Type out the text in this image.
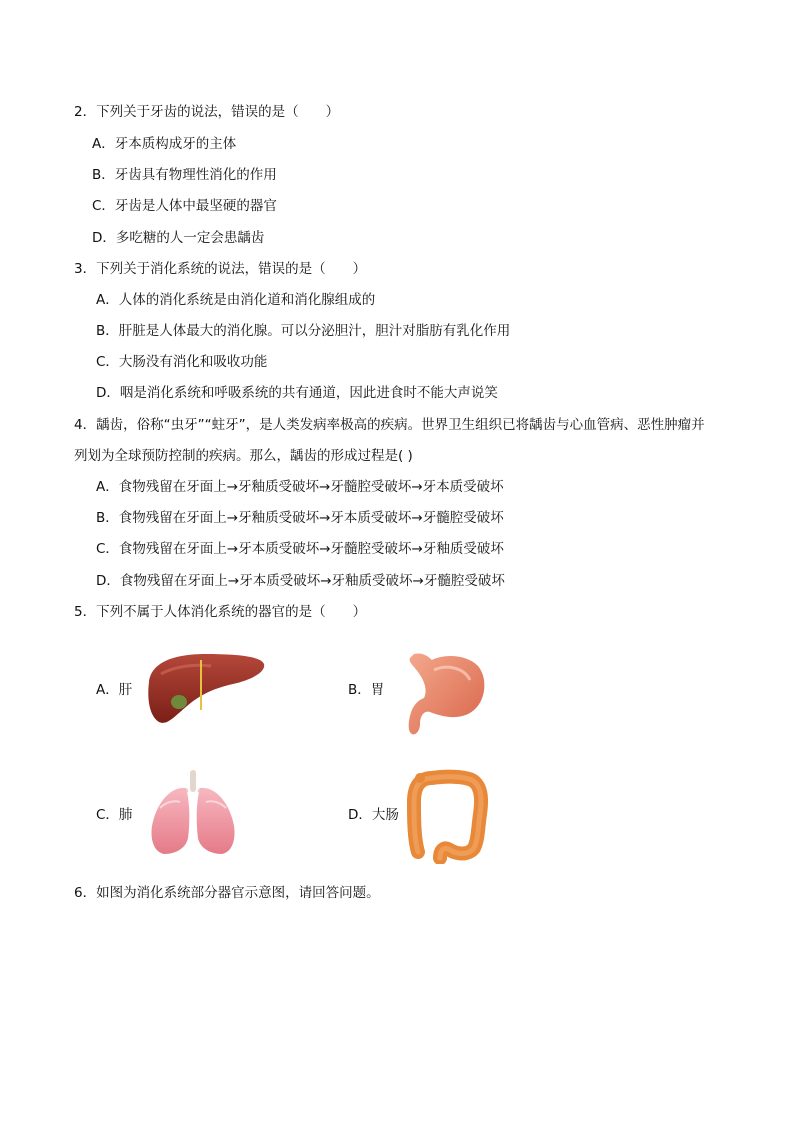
2．下列关于牙齿的说法，错误的是（　　）
A．牙本质构成牙的主体
B．牙齿具有物理性消化的作用
C．牙齿是人体中最坚硬的器官
D．多吃糖的人一定会患龋齿
3．下列关于消化系统的说法，错误的是（　　）
A．人体的消化系统是由消化道和消化腺组成的
B．肝脏是人体最大的消化腺。可以分泌胆汁，胆汁对脂肪有乳化作用
C．大肠没有消化和吸收功能
D．咽是消化系统和呼吸系统的共有通道，因此进食时不能大声说笑
4．龋齿，俗称“虫牙”“蛀牙”，是人类发病率极高的疾病。世界卫生组织已将龋齿与心血管病、恶性肿瘤并
列划为全球预防控制的疾病。那么，龋齿的形成过程是( )
A．食物残留在牙面上→牙釉质受破坏→牙髓腔受破坏→牙本质受破坏
B．食物残留在牙面上→牙釉质受破坏→牙本质受破坏→牙髓腔受破坏
C．食物残留在牙面上→牙本质受破坏→牙髓腔受破坏→牙釉质受破坏
D．食物残留在牙面上→牙本质受破坏→牙釉质受破坏→牙髓腔受破坏
5．下列不属于人体消化系统的器官的是（　　）
A．肝	B．胃
C．肺	D．大肠
6．如图为消化系统部分器官示意图，请回答问题。
